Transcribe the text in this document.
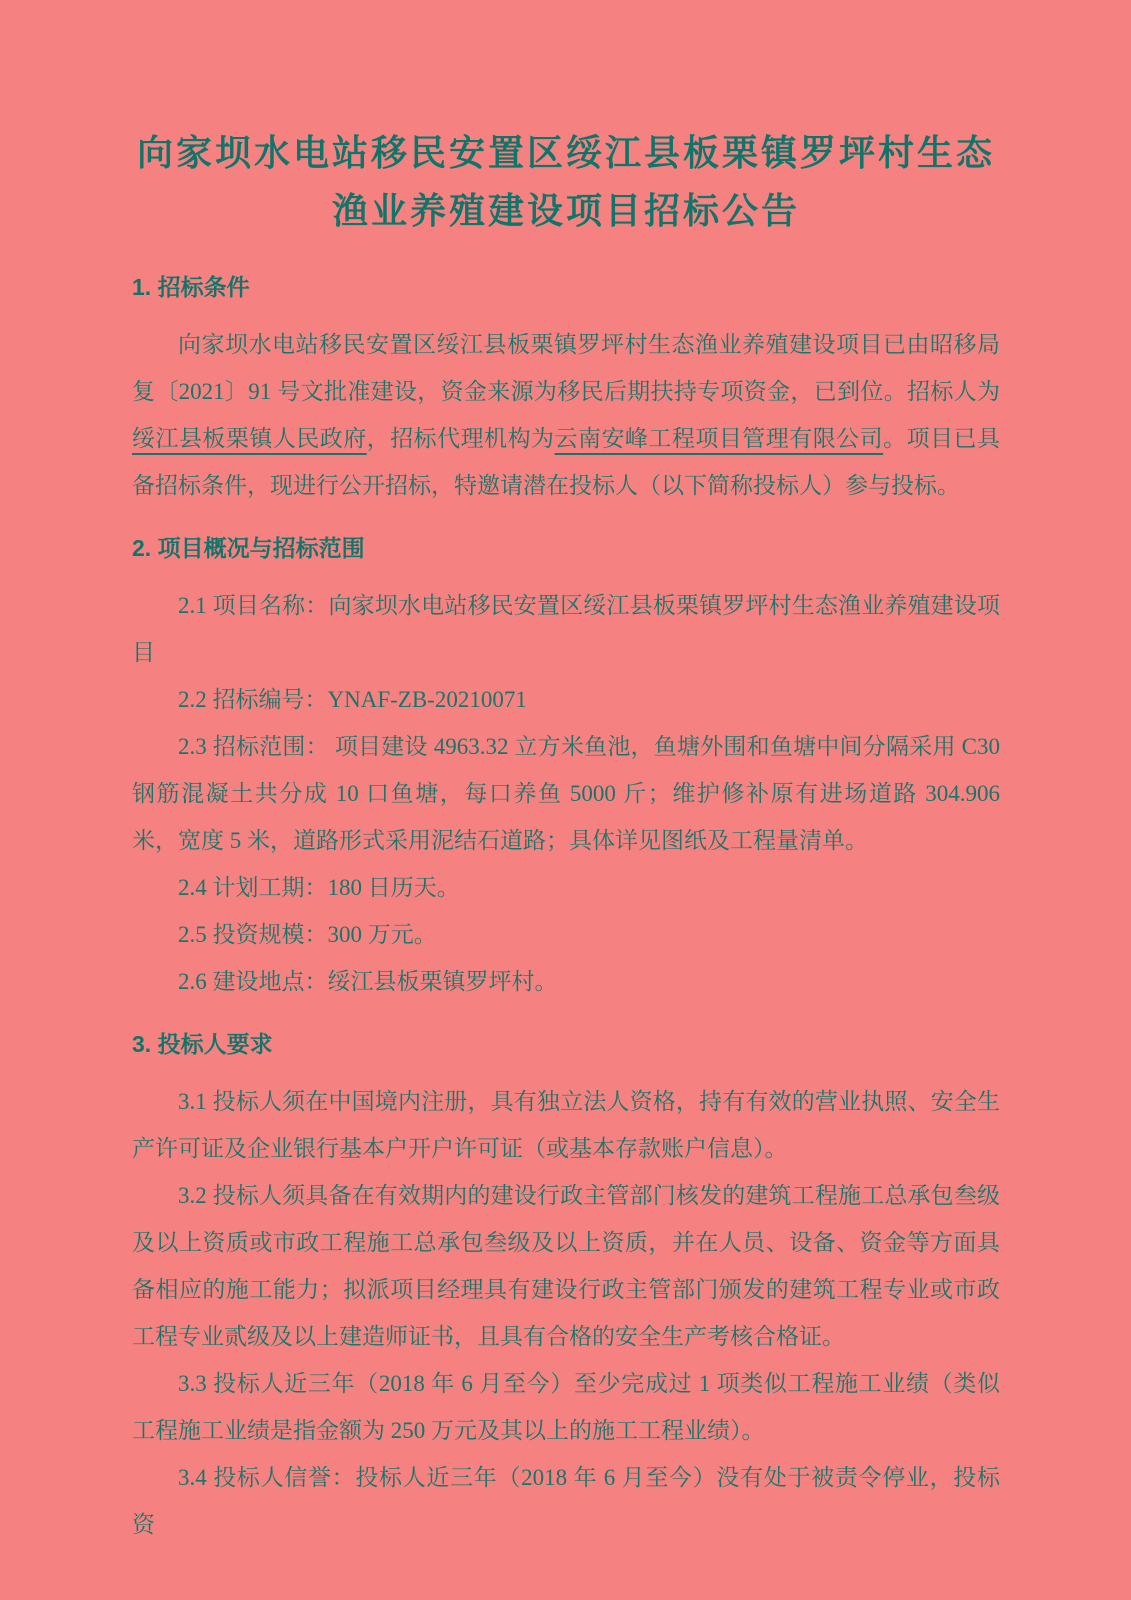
向家坝水电站移民安置区绥江县板栗镇罗坪村生态渔业养殖建设项目招标公告
1. 招标条件

向家坝水电站移民安置区绥江县板栗镇罗坪村生态渔业养殖建设项目已由昭移局复〔2021〕91 号文批准建设，资金来源为移民后期扶持专项资金，已到位。招标人为绥江县板栗镇人民政府，招标代理机构为云南安峰工程项目管理有限公司。项目已具备招标条件，现进行公开招标，特邀请潜在投标人（以下简称投标人）参与投标。

2. 项目概况与招标范围

2.1 项目名称：向家坝水电站移民安置区绥江县板栗镇罗坪村生态渔业养殖建设项目

2.2 招标编号：YNAF-ZB-20210071

2.3 招标范围： 项目建设 4963.32 立方米鱼池，鱼塘外围和鱼塘中间分隔采用 C30 钢筋混凝土共分成 10 口鱼塘，每口养鱼 5000 斤；维护修补原有进场道路 304.906 米，宽度 5 米，道路形式采用泥结石道路；具体详见图纸及工程量清单。

2.4 计划工期：180 日历天。

2.5 投资规模：300 万元。

2.6 建设地点：绥江县板栗镇罗坪村。

3. 投标人要求

3.1 投标人须在中国境内注册，具有独立法人资格，持有有效的营业执照、安全生产许可证及企业银行基本户开户许可证（或基本存款账户信息）。

3.2 投标人须具备在有效期内的建设行政主管部门核发的建筑工程施工总承包叁级及以上资质或市政工程施工总承包叁级及以上资质，并在人员、设备、资金等方面具备相应的施工能力；拟派项目经理具有建设行政主管部门颁发的建筑工程专业或市政工程专业贰级及以上建造师证书，且具有合格的安全生产考核合格证。

3.3 投标人近三年（2018 年 6 月至今）至少完成过 1 项类似工程施工业绩（类似工程施工业绩是指金额为 250 万元及其以上的施工工程业绩）。

3.4 投标人信誉：投标人近三年（2018 年 6 月至今）没有处于被责令停业，投标资
